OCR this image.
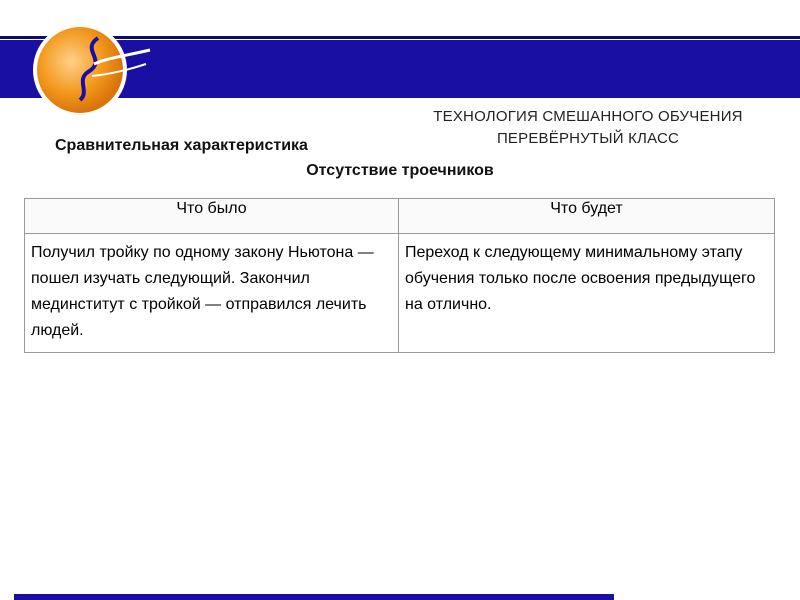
ТЕХНОЛОГИЯ СМЕШАННОГО ОБУЧЕНИЯ
ПЕРЕВЁРНУТЫЙ КЛАСС
Сравнительная характеристика
Отсутствие троечников
Что было	Что будет
Получил тройку по одному закону Ньютона — пошел изучать следующий. Закончил мединститут с тройкой — отправился лечить людей.	Переход к следующему минимальному этапу обучения только после освоения предыдущего на отлично.
